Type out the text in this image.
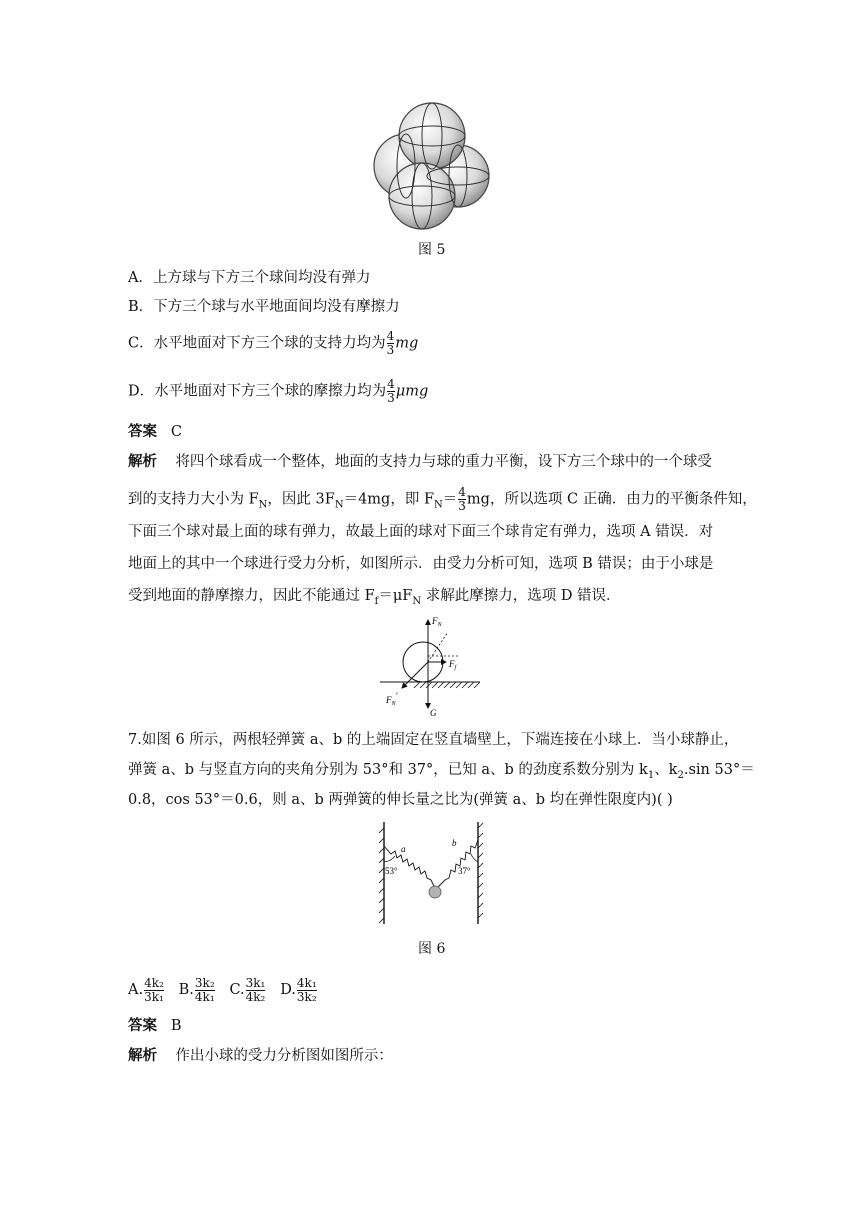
图 5
A．上方球与下方三个球间均没有弹力
B．下方三个球与水平地面间均没有摩擦力
C．水平地面对下方三个球的支持力均为 $\frac{4}{3}$ mg
D．水平地面对下方三个球的摩擦力均为 $\frac{4}{3}$ μmg
答案 C
解析 将四个球看成一个整体，地面的支持力与球的重力平衡，设下方三个球中的一个球受
到的支持力大小为 $F_N$，因此 $3F_N=4mg$，即 $F_N= \frac{4}{3}$ mg，所以选项 C 正确．由力的平衡条件知，
下面三个球对最上面的球有弹力，故最上面的球对下面三个球肯定有弹力，选项 A 错误．对
地面上的其中一个球进行受力分析，如图所示．由受力分析可知，选项 B 错误；由于小球是
受到地面的静摩擦力，因此不能通过 $F_f=\mu F_N$ 求解此摩擦力，选项 D 错误．
$F_N$
$F_f$
$F_N'$
G
7.如图 6 所示，两根轻弹簧 a、b 的上端固定在竖直墙壁上，下端连接在小球上．当小球静止，
弹簧 a、b 与竖直方向的夹角分别为 53°和 37°，已知 a、b 的劲度系数分别为 $k_1$、$k_2.\sin$ 53°＝
0.8，cos 53°＝0.6，则 a、b 两弹簧的伸长量之比为(弹簧 a、b 均在弹性限度内)( )
a
b
53°	37°
图 6
A. $\frac{\text{4k₂}}{\text{3k₁}} B$. $\frac{\text{3k₂}}{\text{4k₁}} C$. $\frac{\text{3k₁}}{\text{4k₂}} D$. $\frac{\text{4k₁}}{\text{3k₂}}$
答案 B
解析 作出小球的受力分析图如图所示：
